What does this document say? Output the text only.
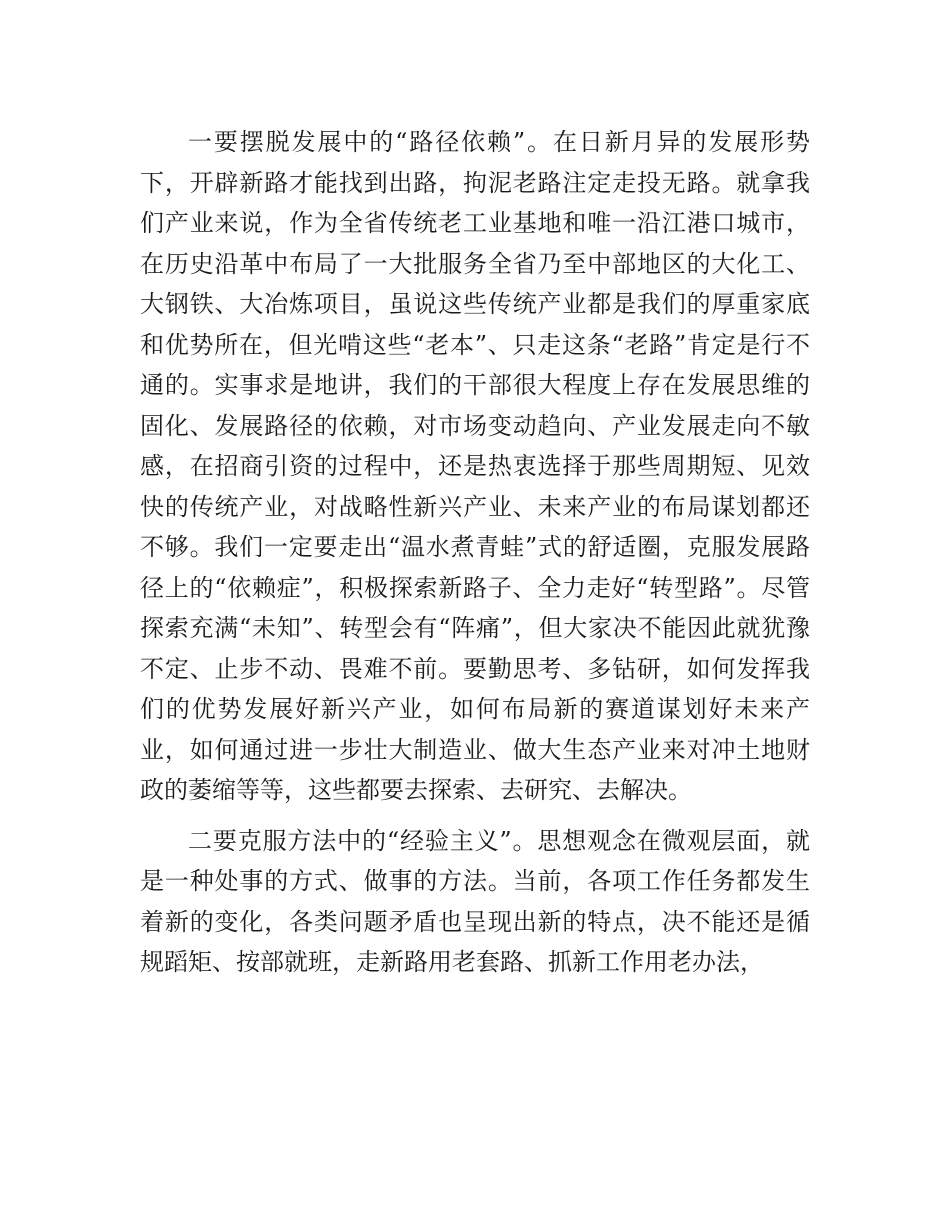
一要摆脱发展中的“路径依赖”。在日新月异的发展形势下，开辟新路才能找到出路，拘泥老路注定走投无路。就拿我们产业来说，作为全省传统老工业基地和唯一沿江港口城市，在历史沿革中布局了一大批服务全省乃至中部地区的大化工、大钢铁、大冶炼项目，虽说这些传统产业都是我们的厚重家底和优势所在，但光啃这些“老本”、只走这条“老路”肯定是行不通的。实事求是地讲，我们的干部很大程度上存在发展思维的固化、发展路径的依赖，对市场变动趋向、产业发展走向不敏感，在招商引资的过程中，还是热衷选择于那些周期短、见效快的传统产业，对战略性新兴产业、未来产业的布局谋划都还不够。我们一定要走出“温水煮青蛙”式的舒适圈，克服发展路径上的“依赖症”，积极探索新路子、全力走好“转型路”。尽管探索充满“未知”、转型会有“阵痛”，但大家决不能因此就犹豫不定、止步不动、畏难不前。要勤思考、多钻研，如何发挥我们的优势发展好新兴产业，如何布局新的赛道谋划好未来产业，如何通过进一步壮大制造业、做大生态产业来对冲土地财政的萎缩等等，这些都要去探索、去研究、去解决。

二要克服方法中的“经验主义”。思想观念在微观层面，就是一种处事的方式、做事的方法。当前，各项工作任务都发生着新的变化，各类问题矛盾也呈现出新的特点，决不能还是循规蹈矩、按部就班，走新路用老套路、抓新工作用老办法，
